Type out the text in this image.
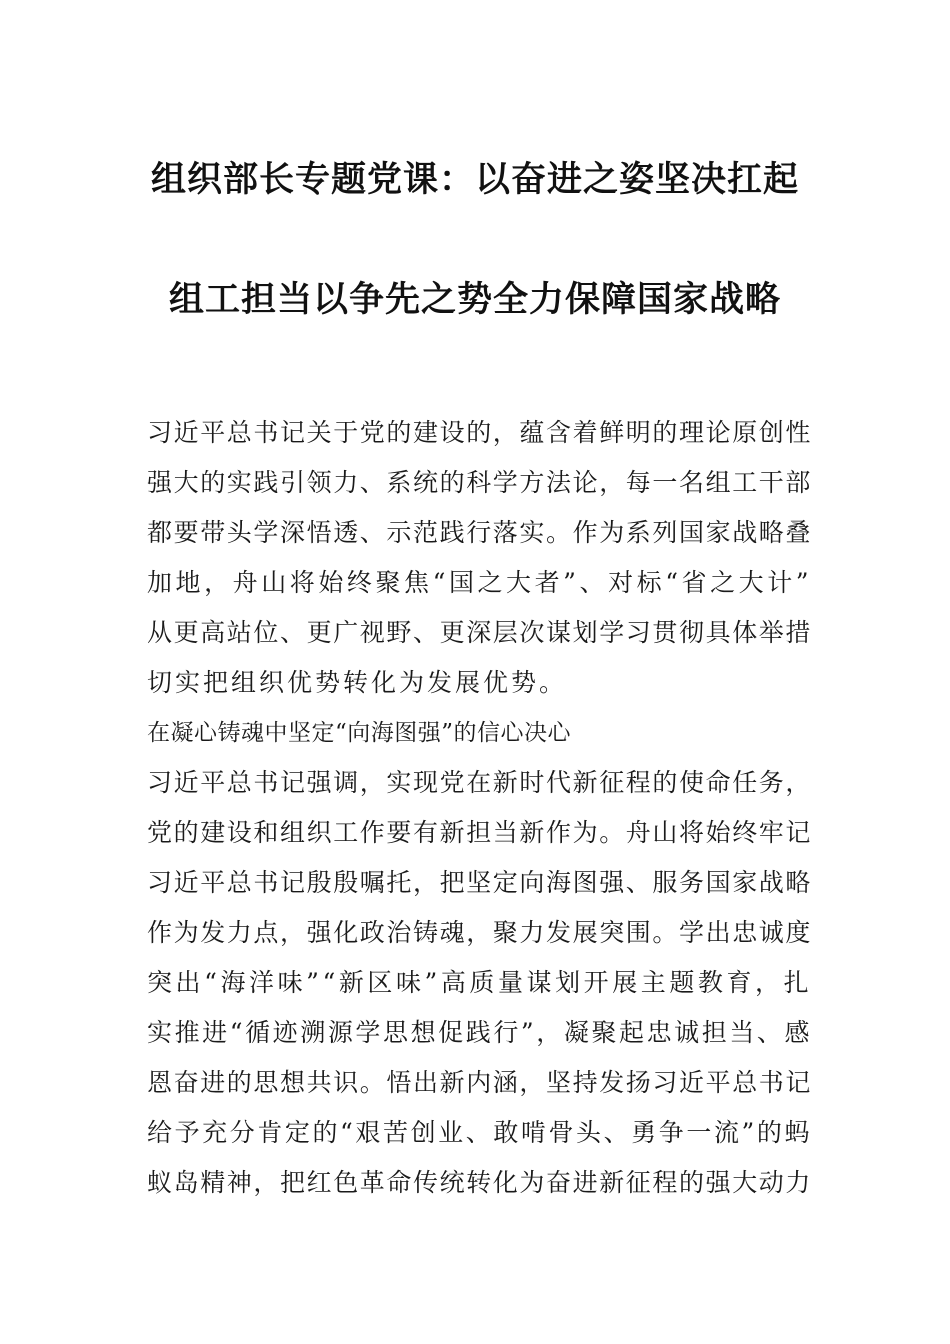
组织部长专题党课：以奋进之姿坚决扛起
组工担当以争先之势全力保障国家战略
习近平总书记关于党的建设的，蕴含着鲜明的理论原创性
强大的实践引领力、系统的科学方法论，每一名组工干部
都要带头学深悟透、示范践行落实。作为系列国家战略叠
加地，舟山将始终聚焦“国之大者”、对标“省之大计”
从更高站位、更广视野、更深层次谋划学习贯彻具体举措
切实把组织优势转化为发展优势。
在凝心铸魂中坚定“向海图强”的信心决心
习近平总书记强调，实现党在新时代新征程的使命任务，
党的建设和组织工作要有新担当新作为。舟山将始终牢记
习近平总书记殷殷嘱托，把坚定向海图强、服务国家战略
作为发力点，强化政治铸魂，聚力发展突围。学出忠诚度
突出“海洋味”“新区味”高质量谋划开展主题教育，扎
实推进“循迹溯源学思想促践行”，凝聚起忠诚担当、感
恩奋进的思想共识。悟出新内涵，坚持发扬习近平总书记
给予充分肯定的“艰苦创业、敢啃骨头、勇争一流”的蚂
蚁岛精神，把红色革命传统转化为奋进新征程的强大动力
